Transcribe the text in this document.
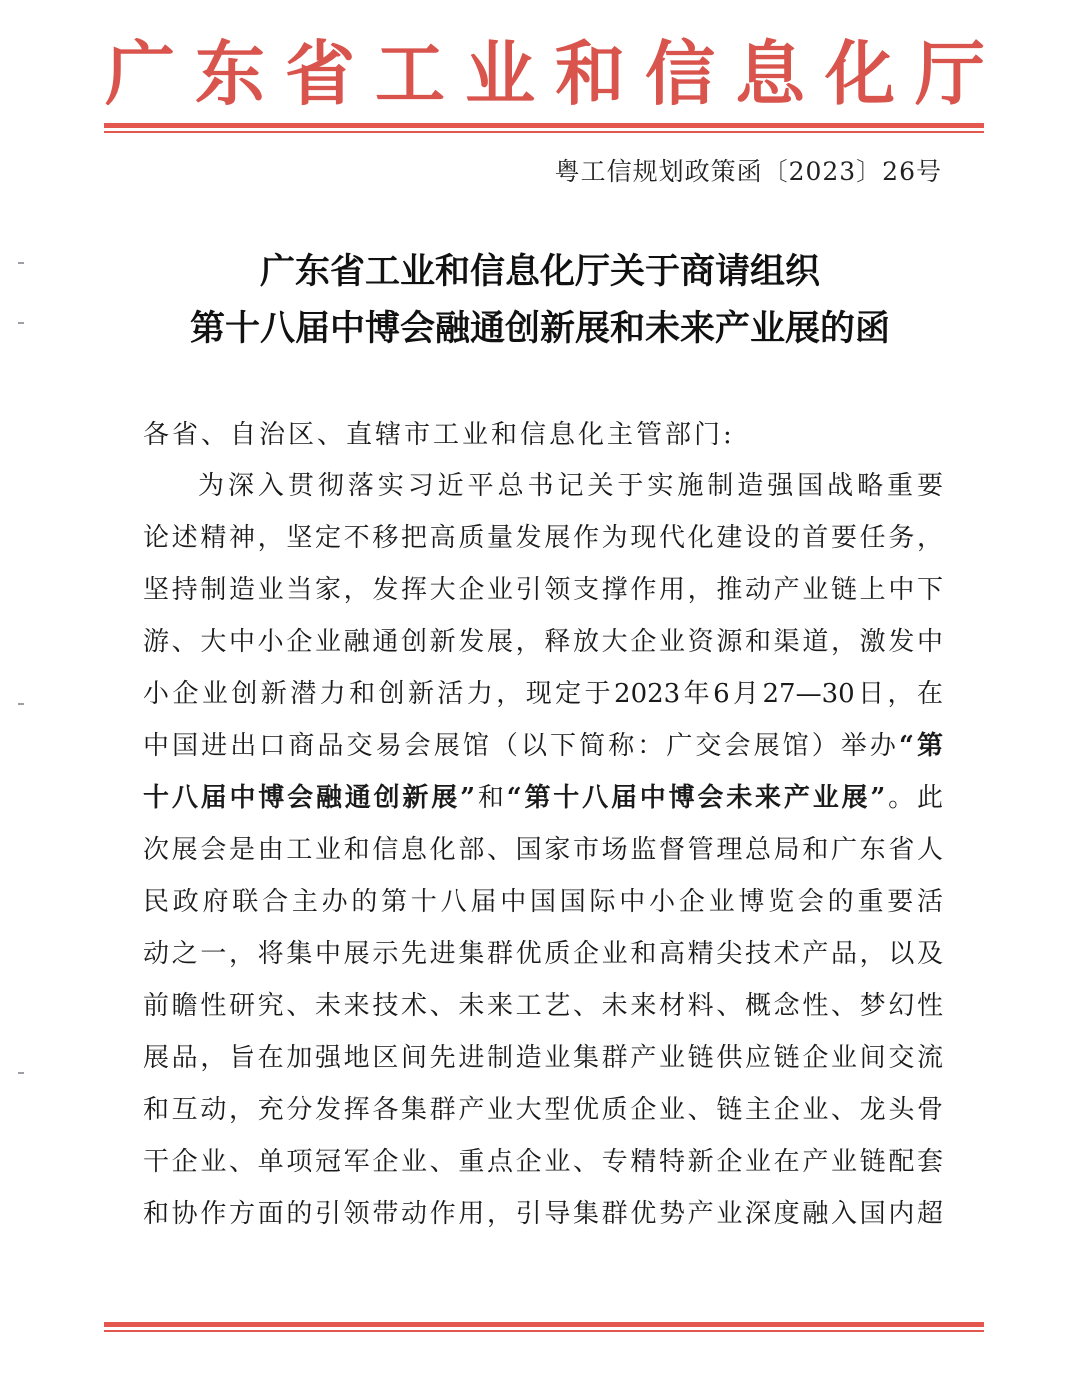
广 东 省 工 业 和 信 息 化 厅
粤工信规划政策函〔2023〕26号
广东省工业和信息化厅关于商请组织
第十八届中博会融通创新展和未来产业展的函
各省、自治区、直辖市工业和信息化主管部门:
为深入贯彻落实习近平总书记关于实施制造强国战略重要
论述精神，坚定不移把高质量发展作为现代化建设的首要任务，
坚持制造业当家，发挥大企业引领支撑作用，推动产业链上中下
游、大中小企业融通创新发展，释放大企业资源和渠道，激发中
小企业创新潜力和创新活力，现定于2023年6月27—30日，在
中国进出口商品交易会展馆（以下简称：广交会展馆）举办“第
十八届中博会融通创新展”和“第十八届中博会未来产业展”。此
次展会是由工业和信息化部、国家市场监督管理总局和广东省人
民政府联合主办的第十八届中国国际中小企业博览会的重要活
动之一，将集中展示先进集群优质企业和高精尖技术产品，以及
前瞻性研究、未来技术、未来工艺、未来材料、概念性、梦幻性
展品，旨在加强地区间先进制造业集群产业链供应链企业间交流
和互动，充分发挥各集群产业大型优质企业、链主企业、龙头骨
干企业、单项冠军企业、重点企业、专精特新企业在产业链配套
和协作方面的引领带动作用，引导集群优势产业深度融入国内超
